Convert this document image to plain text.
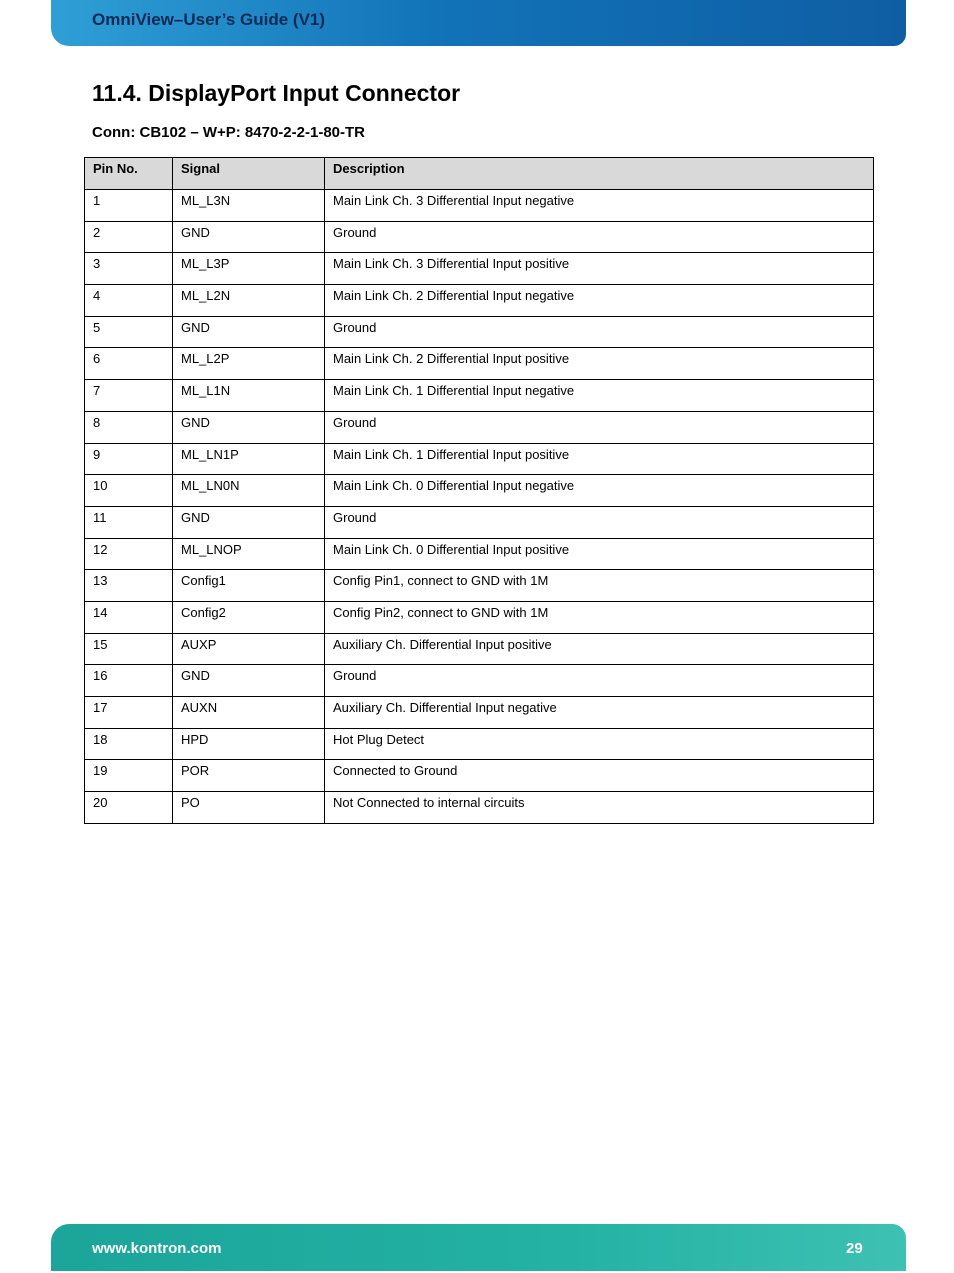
OmniView–User’s Guide (V1)
11.4. DisplayPort Input Connector
Conn: CB102 – W+P: 8470-2-2-1-80-TR
Pin No.	Signal	Description
1	ML_L3N	Main Link Ch. 3 Differential Input negative
2	GND	Ground
3	ML_L3P	Main Link Ch. 3 Differential Input positive
4	ML_L2N	Main Link Ch. 2 Differential Input negative
5	GND	Ground
6	ML_L2P	Main Link Ch. 2 Differential Input positive
7	ML_L1N	Main Link Ch. 1 Differential Input negative
8	GND	Ground
9	ML_LN1P	Main Link Ch. 1 Differential Input positive
10	ML_LN0N	Main Link Ch. 0 Differential Input negative
11	GND	Ground
12	ML_LNOP	Main Link Ch. 0 Differential Input positive
13	Config1	Config Pin1, connect to GND with 1M
14	Config2	Config Pin2, connect to GND with 1M
15	AUXP	Auxiliary Ch. Differential Input positive
16	GND	Ground
17	AUXN	Auxiliary Ch. Differential Input negative
18	HPD	Hot Plug Detect
19	POR	Connected to Ground
20	PO	Not Connected to internal circuits
www.kontron.com	29
